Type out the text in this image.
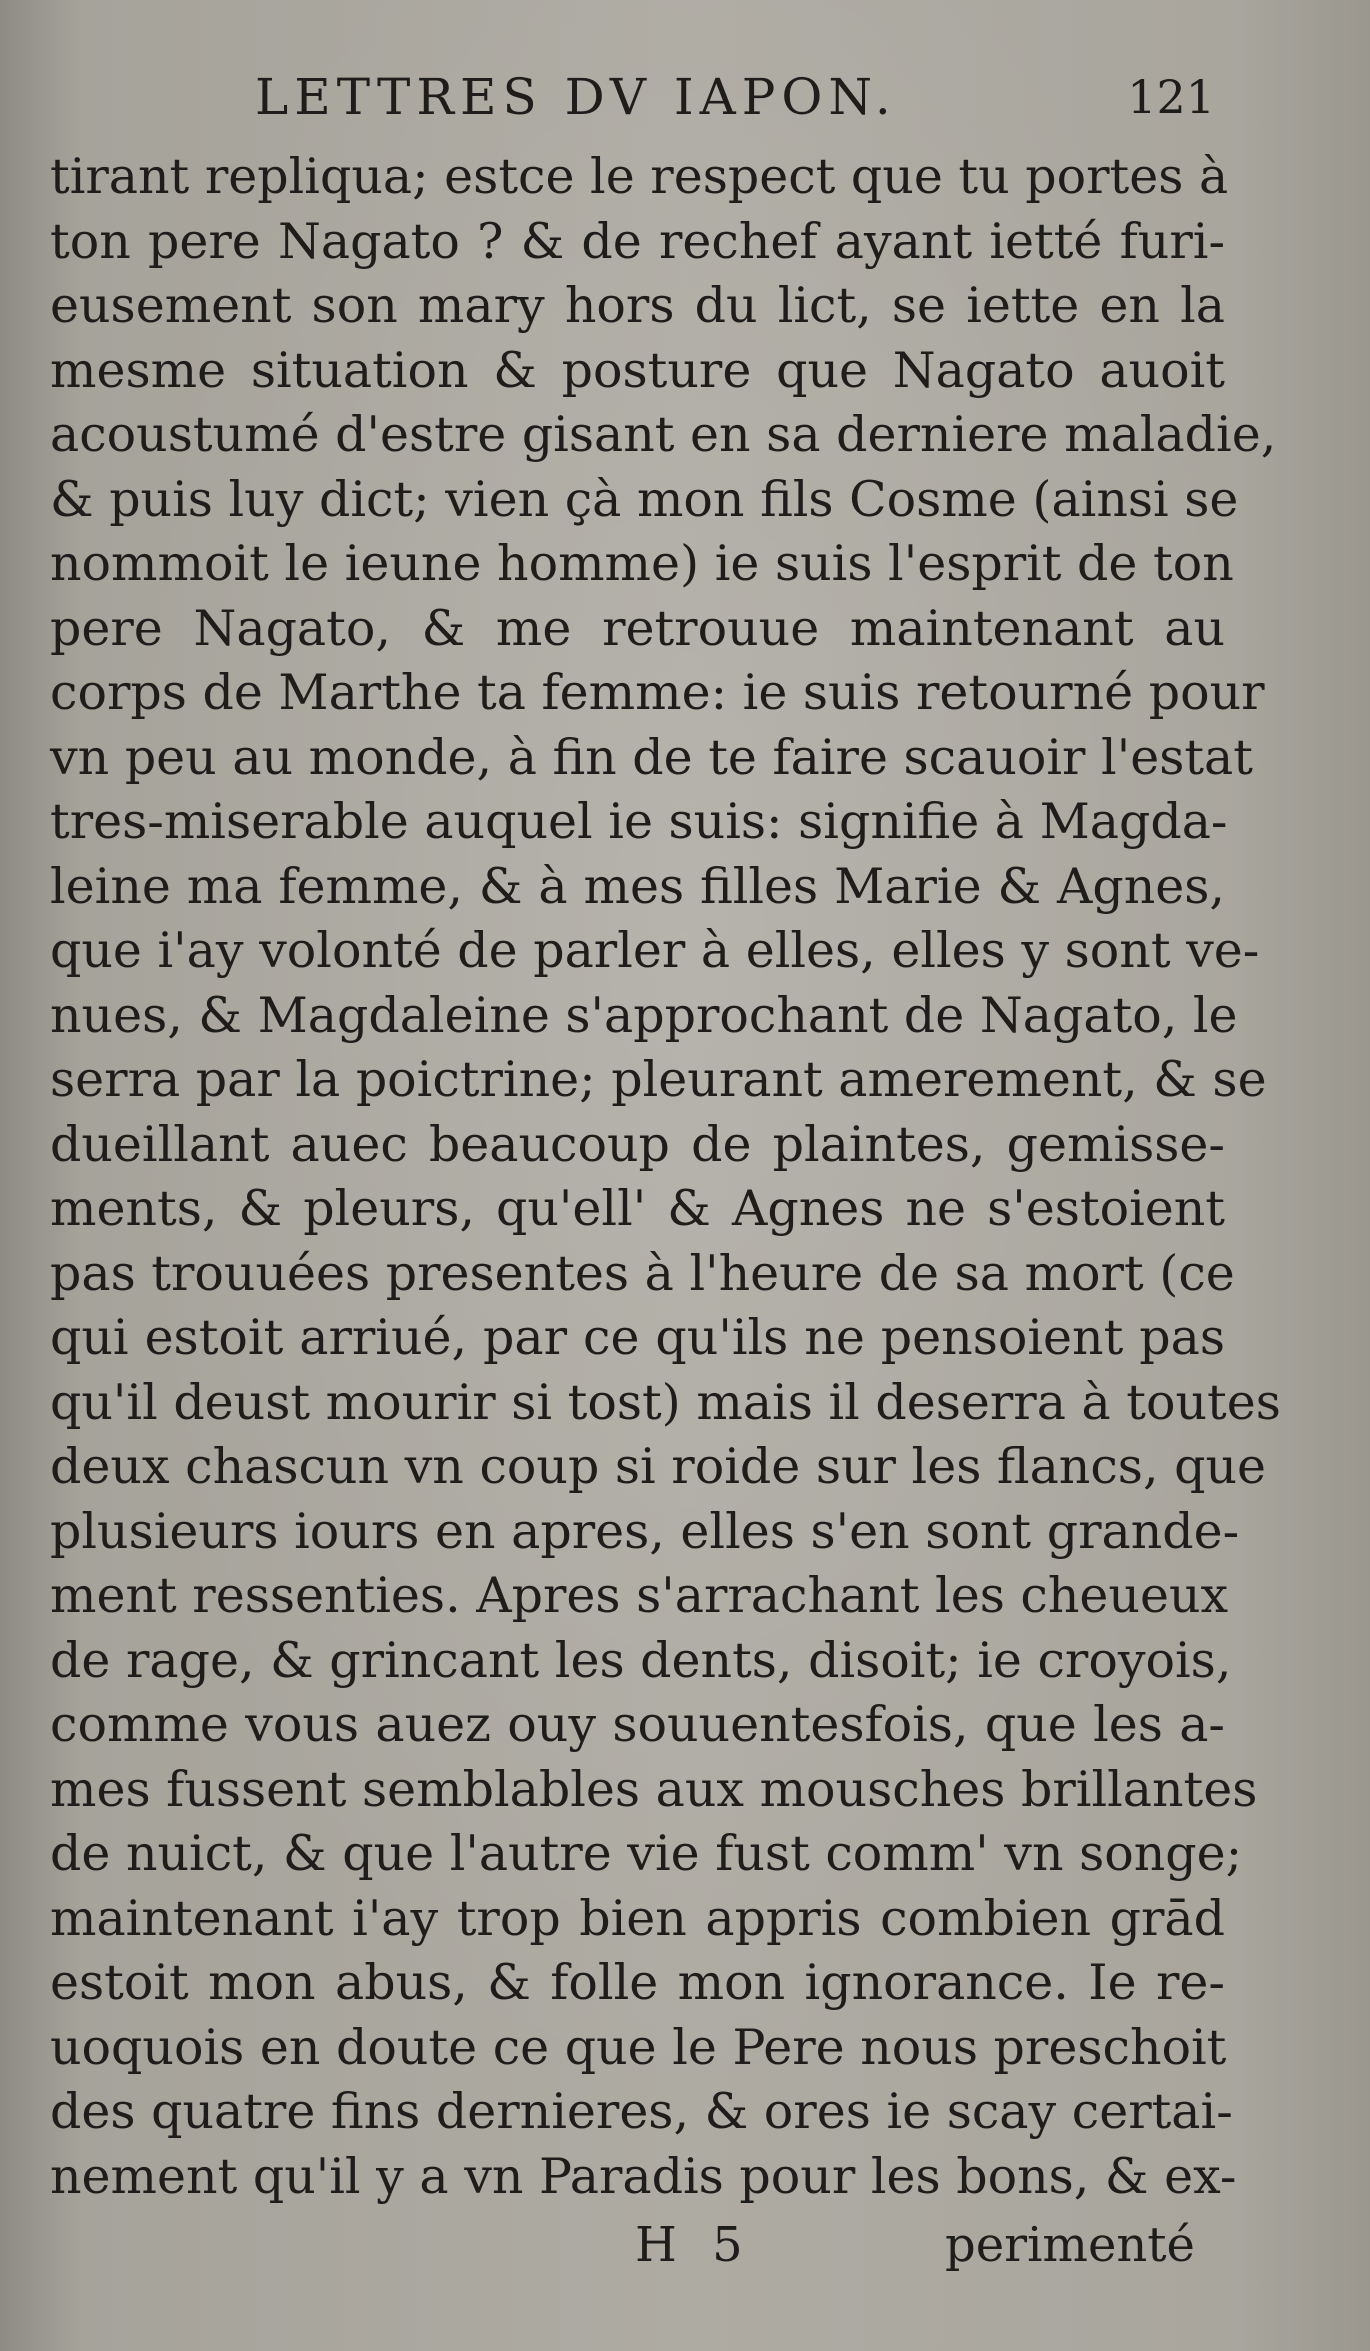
LETTRES DV IAPON.	121
tirant repliqua; estce le respect que tu portes à
ton pere Nagato ? & de rechef ayant ietté furi-
eusement son mary hors du lict, se iette en la
mesme situation & posture que Nagato auoit
acoustumé d'estre gisant en sa derniere maladie,
& puis luy dict; vien çà mon fils Cosme (ainsi se
nommoit le ieune homme) ie suis l'esprit de ton
pere Nagato, & me retrouue maintenant au
corps de Marthe ta femme: ie suis retourné pour
vn peu au monde, à fin de te faire scauoir l'estat
tres-miserable auquel ie suis: signifie à Magda-
leine ma femme, & à mes filles Marie & Agnes,
que i'ay volonté de parler à elles, elles y sont ve-
nues, & Magdaleine s'approchant de Nagato, le
serra par la poictrine; pleurant amerement, & se
dueillant auec beaucoup de plaintes, gemisse-
ments, & pleurs, qu'ell' & Agnes ne s'estoient
pas trouuées presentes à l'heure de sa mort (ce
qui estoit arriué, par ce qu'ils ne pensoient pas
qu'il deust mourir si tost) mais il deserra à toutes
deux chascun vn coup si roide sur les flancs, que
plusieurs iours en apres, elles s'en sont grande-
ment ressenties. Apres s'arrachant les cheueux
de rage, & grincant les dents, disoit; ie croyois,
comme vous auez ouy souuentesfois, que les a-
mes fussent semblables aux mousches brillantes
de nuict, & que l'autre vie fust comm' vn songe;
maintenant i'ay trop bien appris combien grād
estoit mon abus, & folle mon ignorance. Ie re-
uoquois en doute ce que le Pere nous preschoit
des quatre fins dernieres, & ores ie scay certai-
nement qu'il y a vn Paradis pour les bons, & ex-
H 5	perimenté
